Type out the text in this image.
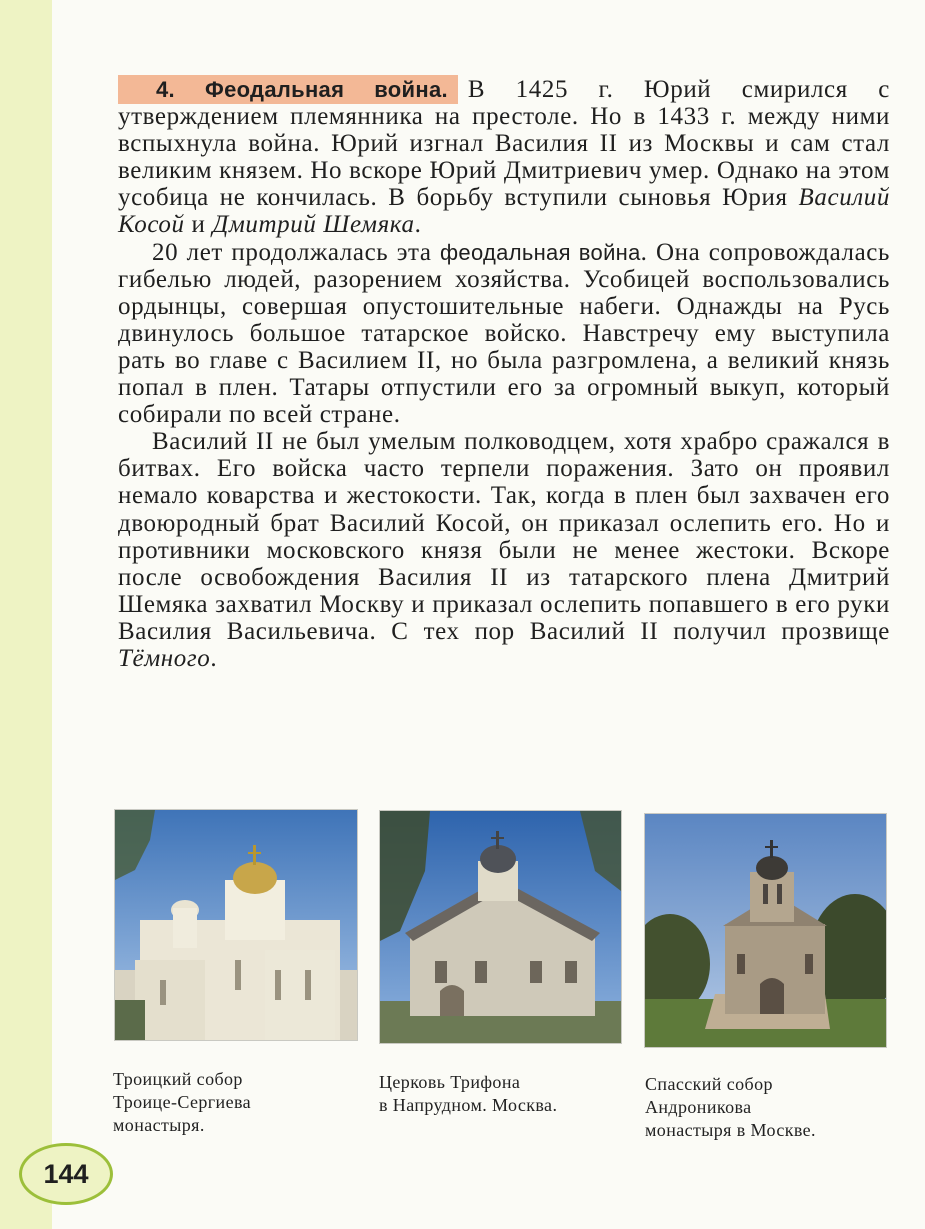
4. Феодальная война. В 1425 г. Юрий смирился с утверждением племянника на престоле. Но в 1433 г. между ними вспыхнула война. Юрий изгнал Василия II из Москвы и сам стал великим князем. Но вскоре Юрий Дмитриевич умер. Однако на этом усобица не кончилась. В борьбу вступили сыновья Юрия Василий Косой и Дмитрий Шемяка.

20 лет продолжалась эта феодальная война. Она сопровождалась гибелью людей, разорением хозяйства. Усобицей воспользовались ордынцы, совершая опустошительные набеги. Однажды на Русь двинулось большое татарское войско. Навстречу ему выступила рать во главе с Василием II, но была разгромлена, а великий князь попал в плен. Татары отпустили его за огромный выкуп, который собирали по всей стране.

Василий II не был умелым полководцем, хотя храбро сражался в битвах. Его войска часто терпели поражения. Зато он проявил немало коварства и жестокости. Так, когда в плен был захвачен его двоюродный брат Василий Косой, он приказал ослепить его. Но и противники московского князя были не менее жестоки. Вскоре после освобождения Василия II из татарского плена Дмитрий Шемяка захватил Москву и приказал ослепить попавшего в его руки Василия Васильевича. С тех пор Василий II получил прозвище Тёмного.

Троицкий собор
Троице-Сергиева
монастыря.
Церковь Трифона
в Напрудном. Москва.
Спасский собор
Андроникова
монастыря в Москве.
144
